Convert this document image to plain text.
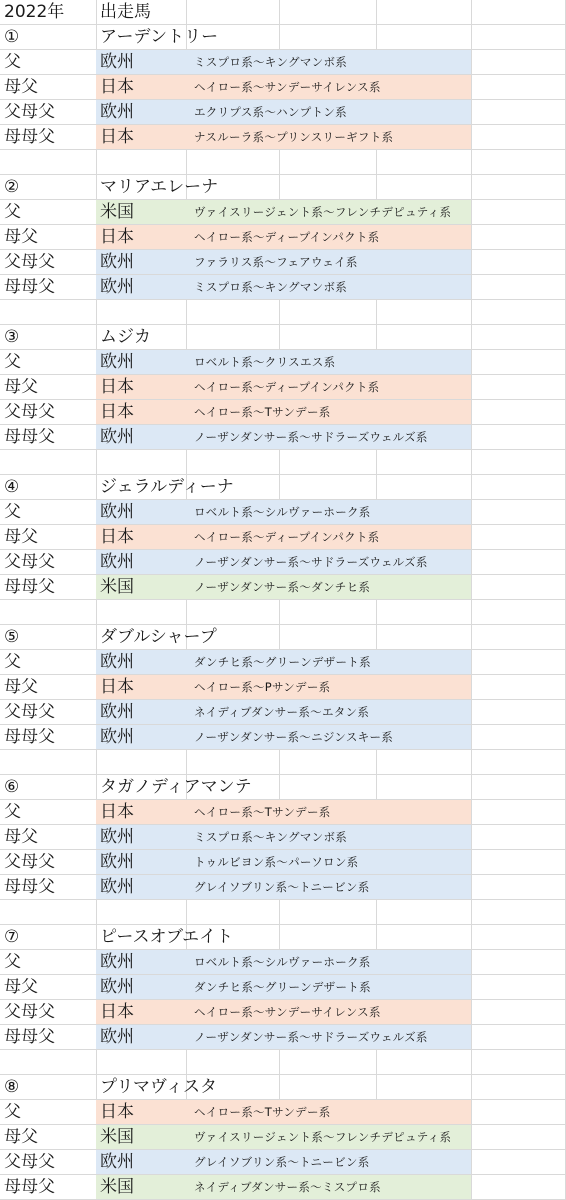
2022年 出走馬
①	アーデントリー
父	欧州	ミスプロ系～キングマンボ系
母父	日本	ヘイロー系～サンデーサイレンス系
父母父	欧州	エクリプス系～ハンプトン系
母母父	日本	ナスルーラ系～プリンスリーギフト系
②	マリアエレーナ
父	米国	ヴァイスリージェント系～フレンチデピュティ系
母父	日本	ヘイロー系～ディープインパクト系
父母父	欧州	ファラリス系～フェアウェイ系
母母父	欧州	ミスプロ系～キングマンボ系
③	ムジカ
父	欧州	ロベルト系～クリスエス系
母父	日本	ヘイロー系～ディープインパクト系
父母父	日本	ヘイロー系～Tサンデー系
母母父	欧州	ノーザンダンサー系～サドラーズウェルズ系
④	ジェラルディーナ
父	欧州	ロベルト系～シルヴァーホーク系
母父	日本	ヘイロー系～ディープインパクト系
父母父	欧州	ノーザンダンサー系～サドラーズウェルズ系
母母父	米国	ノーザンダンサー系～ダンチヒ系
⑤	ダブルシャープ
父	欧州	ダンチヒ系～グリーンデザート系
母父	日本	ヘイロー系～Pサンデー系
父母父	欧州	ネイディブダンサー系～エタン系
母母父	欧州	ノーザンダンサー系～ニジンスキー系
⑥	タガノディアマンテ
父	日本	ヘイロー系～Tサンデー系
母父	欧州	ミスプロ系～キングマンボ系
父母父	欧州	トゥルビヨン系～パーソロン系
母母父	欧州	グレイソブリン系～トニービン系
⑦	ピースオブエイト
父	欧州	ロベルト系～シルヴァーホーク系
母父	欧州	ダンチヒ系～グリーンデザート系
父母父	日本	ヘイロー系～サンデーサイレンス系
母母父	欧州	ノーザンダンサー系～サドラーズウェルズ系
⑧	プリマヴィスタ
父	日本	ヘイロー系～Tサンデー系
母父	米国	ヴァイスリージェント系～フレンチデピュティ系
父母父	欧州	グレイソブリン系～トニービン系
母母父	米国	ネイディブダンサー系～ミスプロ系
